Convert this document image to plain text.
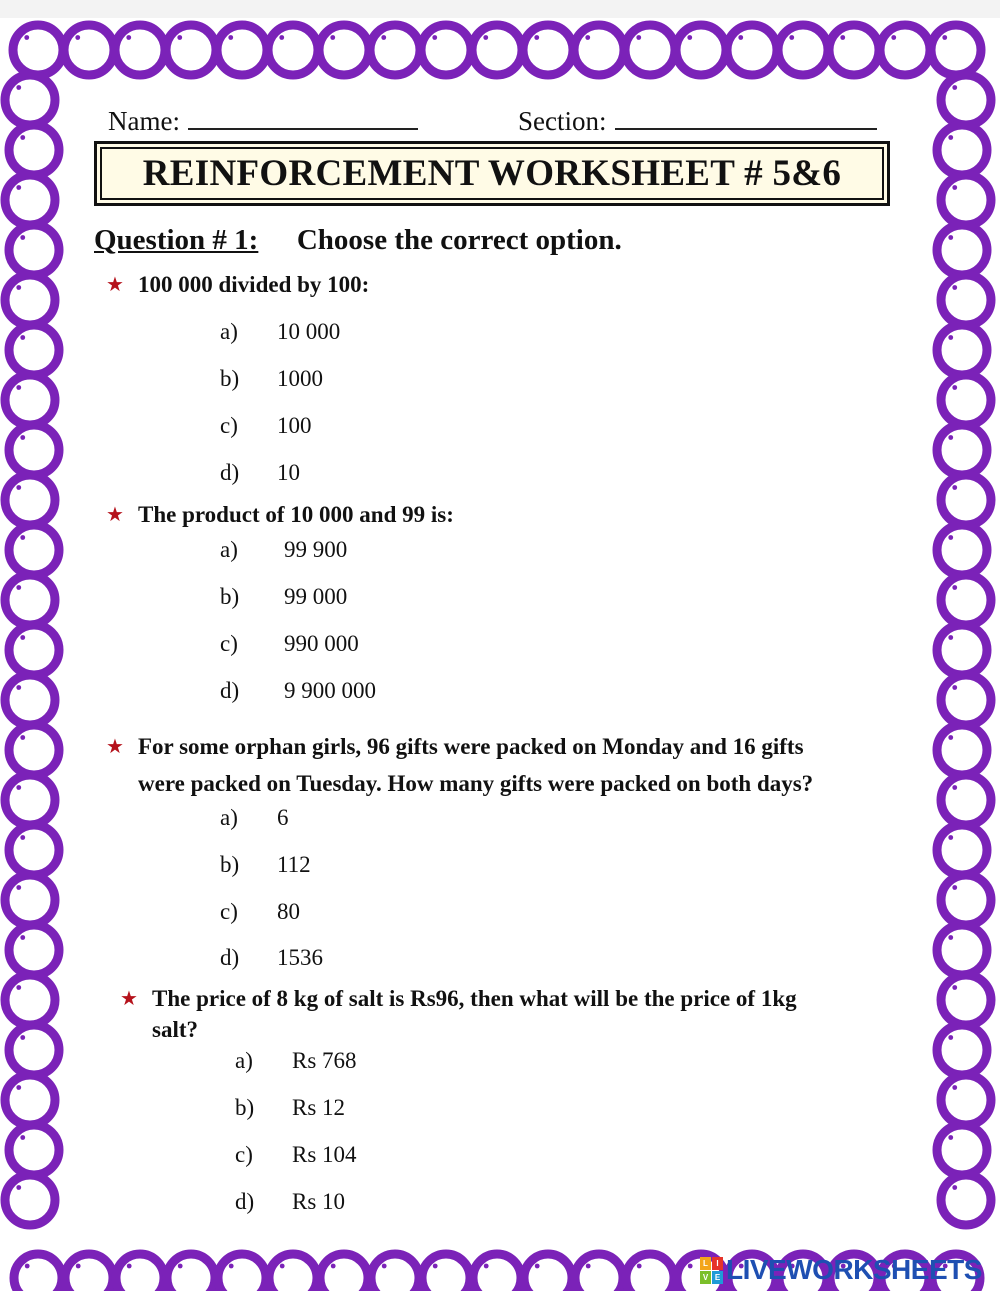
Name:	Section:
REINFORCEMENT WORKSHEET # 5&6
Question # 1: Choose the correct option.
★ 100 000 divided by 100:
a) 10 000
b) 1000
c) 100
d) 10
★ The product of 10 000 and 99 is:
a) 99 900
b) 99 000
c) 990 000
d) 9 900 000
★ For some orphan girls, 96 gifts were packed on Monday and 16 gifts
were packed on Tuesday. How many gifts were packed on both days?
a) 6
b) 112
c) 80
d) 1536
★ The price of 8 kg of salt is Rs96, then what will be the price of 1kg
salt?
a) Rs 768
b) Rs 12
c) Rs 104
d) Rs 10
L	I
V E LIVEWORKSHEETS
